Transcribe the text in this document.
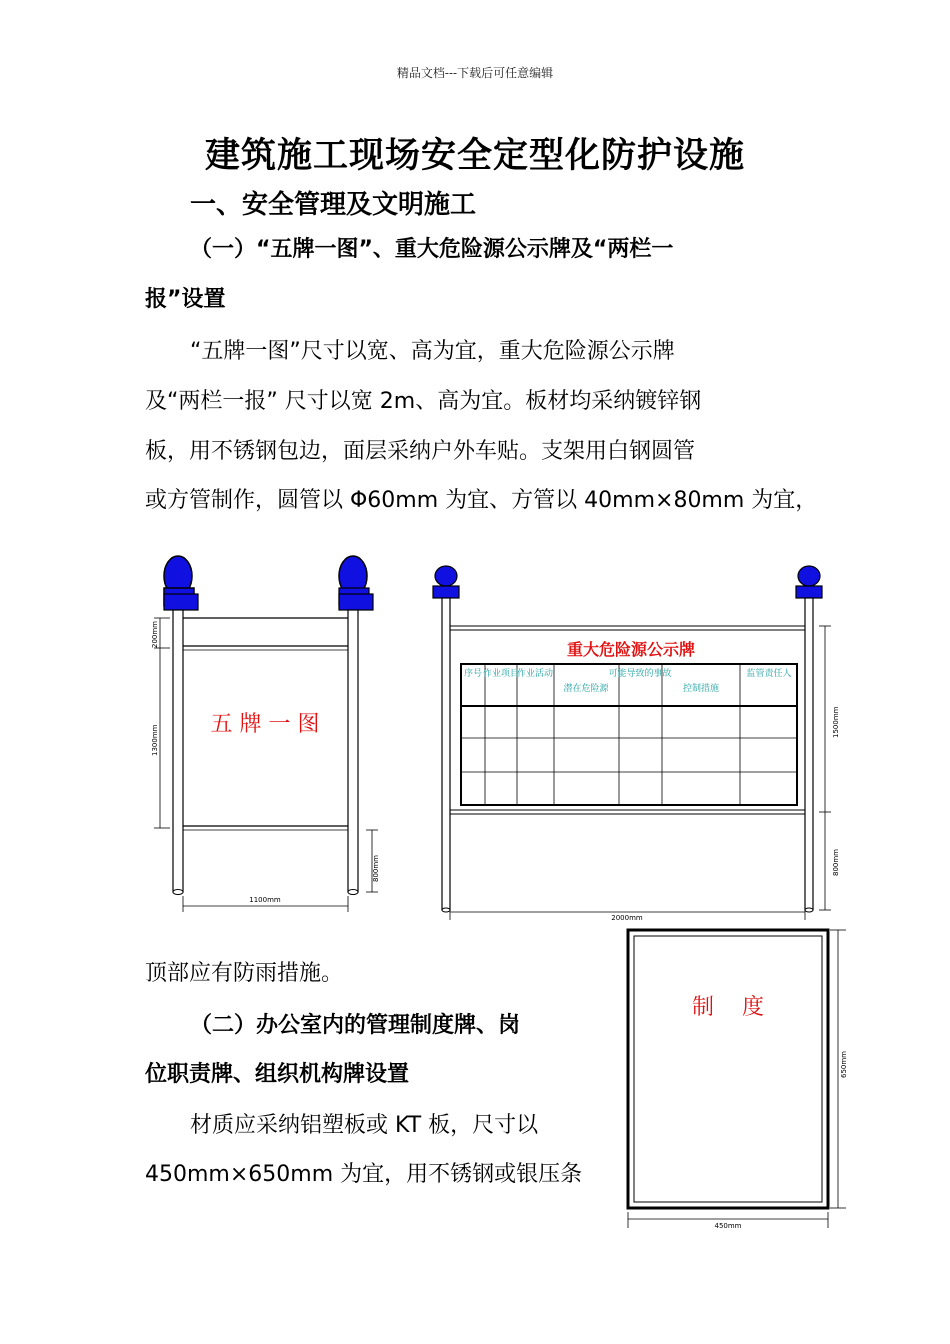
精品文档---下载后可任意编辑
建筑施工现场安全定型化防护设施
一、安全管理及文明施工
（一）“五牌一图”、重大危险源公示牌及“两栏一
报”设置
“五牌一图”尺寸以宽、高为宜，重大危险源公示牌
及“两栏一报” 尺寸以宽 2m、高为宜。板材均采纳镀锌钢
板，用不锈钢包边，面层采纳户外车贴。支架用白钢圆管
或方管制作，圆管以 Φ60mm 为宜、方管以 40mm×80mm 为宜，
五 牌 一 图
200mm
1300mm
800mm
1100mm
重大危险源公示牌
序号 作业项目
作业活动
潜在危险源
可能导致的事故
控制措施
监管责任人
1500mm
800mm
2000mm
顶部应有防雨措施。
（二）办公室内的管理制度牌、岗
位职责牌、组织机构牌设置
材质应采纳铝塑板或 KT 板，尺寸以
450mm×650mm 为宜，用不锈钢或银压条
制    度
650mm
450mm
